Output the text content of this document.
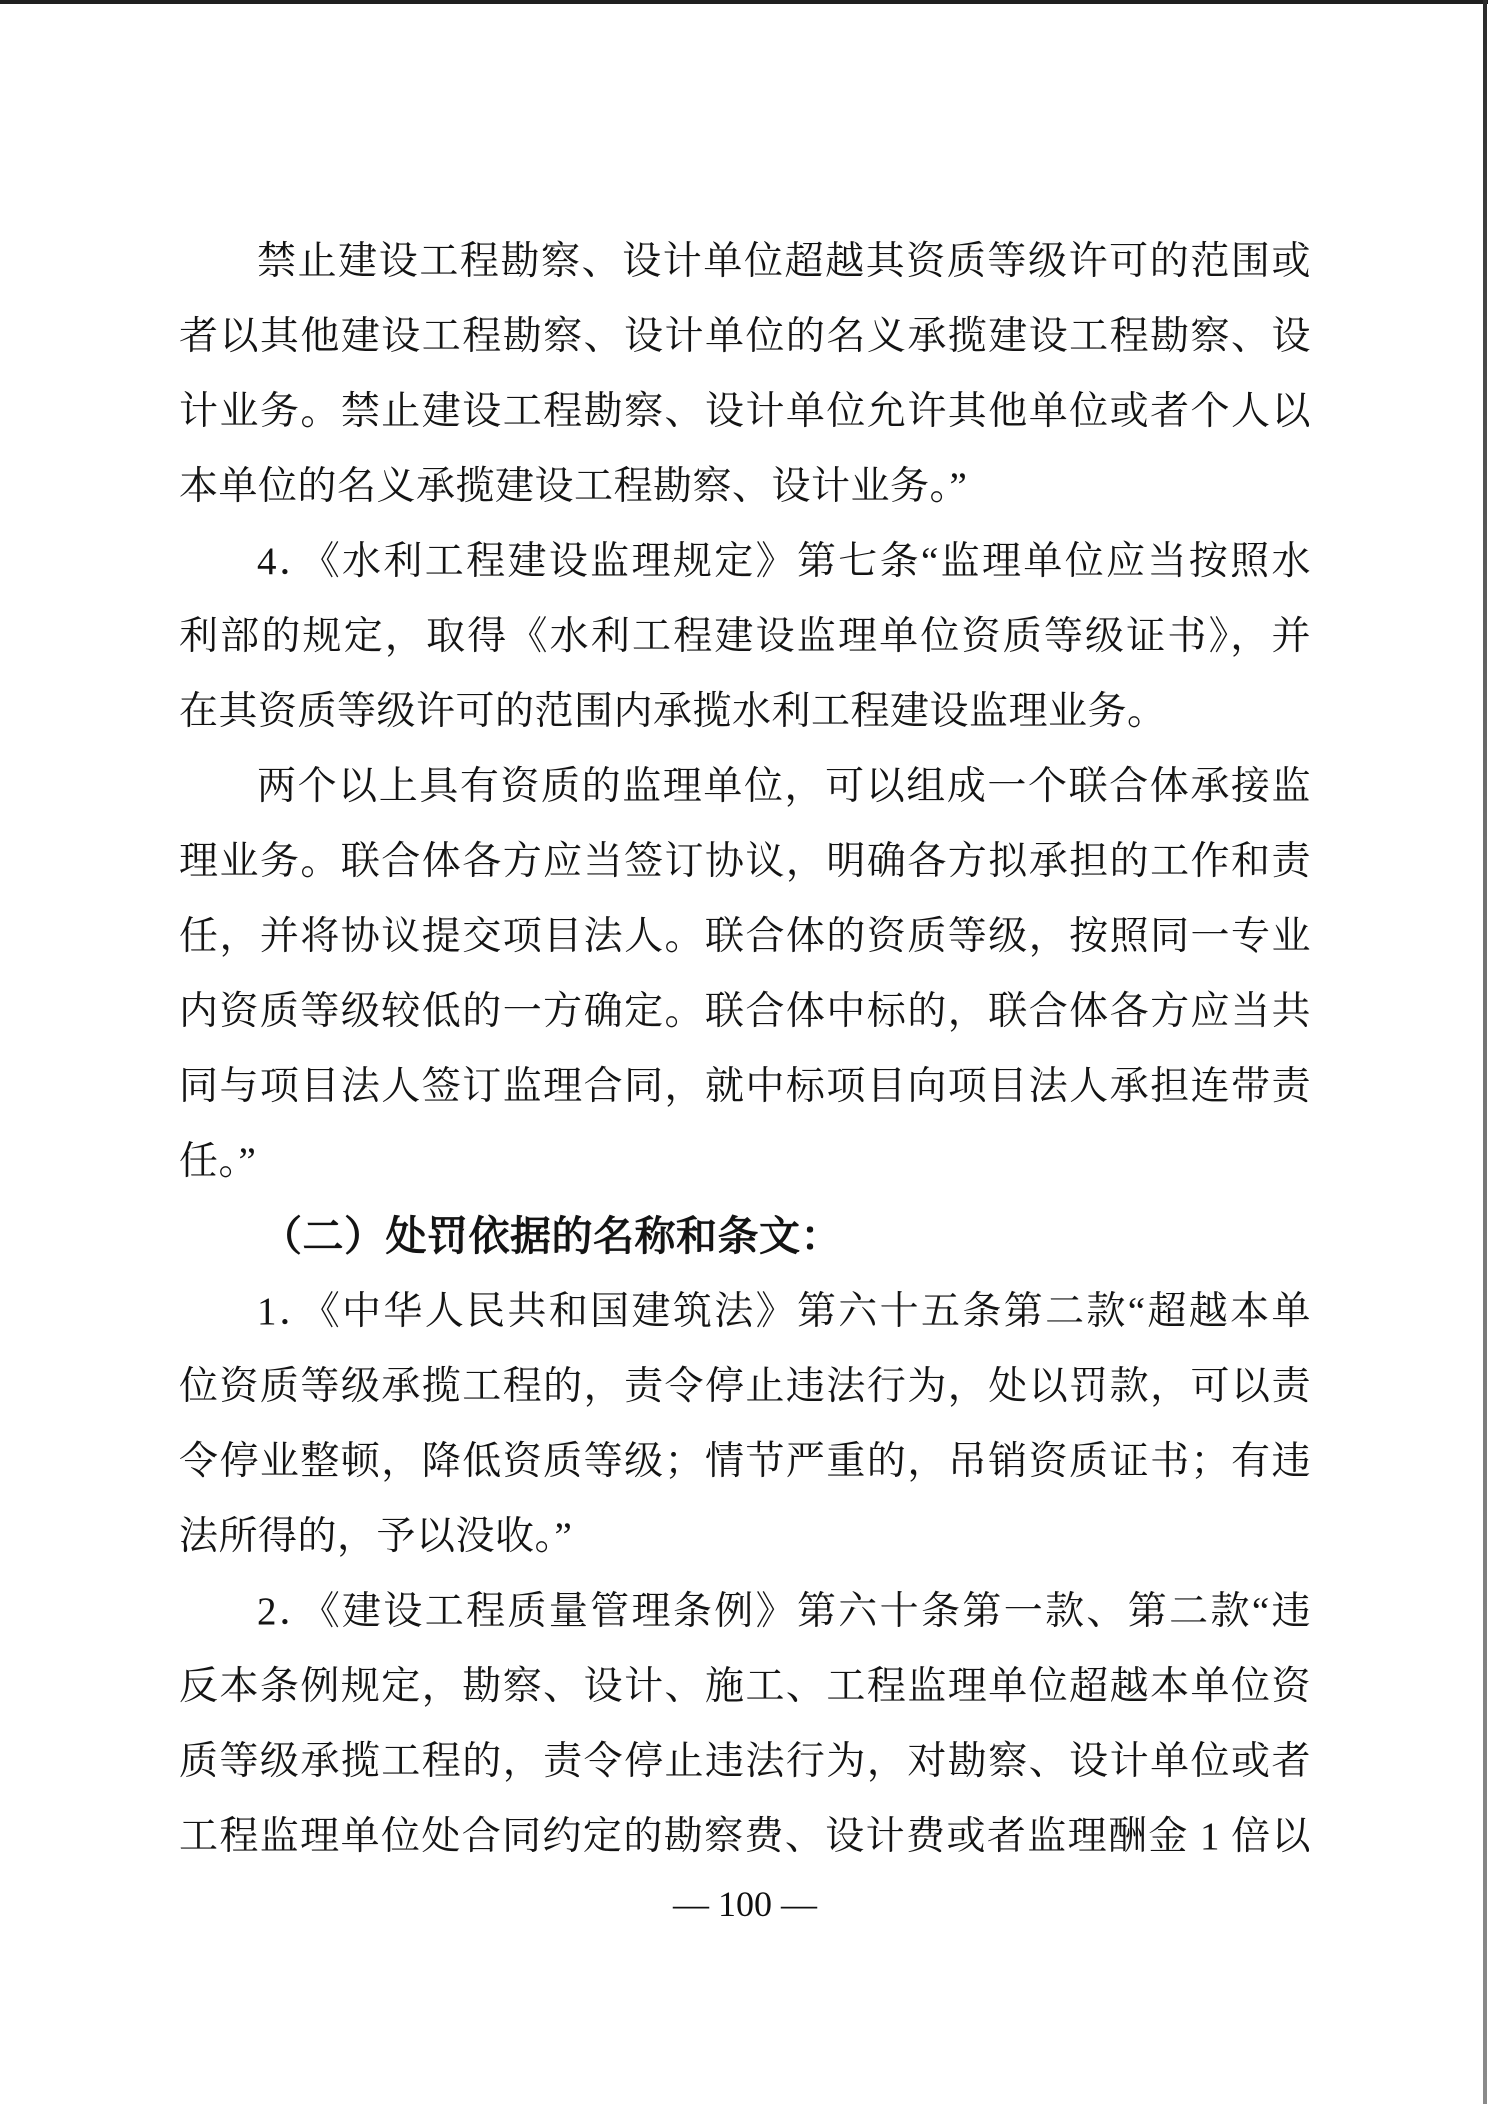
禁止建设工程勘察、设计单位超越其资质等级许可的范围或
者以其他建设工程勘察、设计单位的名义承揽建设工程勘察、设
计业务。禁止建设工程勘察、设计单位允许其他单位或者个人以
本单位的名义承揽建设工程勘察、设计业务。”
4．《水利工程建设监理规定》第七条“监理单位应当按照水
利部的规定，取得《水利工程建设监理单位资质等级证书》，并
在其资质等级许可的范围内承揽水利工程建设监理业务。
两个以上具有资质的监理单位，可以组成一个联合体承接监
理业务。联合体各方应当签订协议，明确各方拟承担的工作和责
任，并将协议提交项目法人。联合体的资质等级，按照同一专业
内资质等级较低的一方确定。联合体中标的，联合体各方应当共
同与项目法人签订监理合同，就中标项目向项目法人承担连带责
任。”
（二）处罚依据的名称和条文：
1．《中华人民共和国建筑法》第六十五条第二款“超越本单
位资质等级承揽工程的，责令停止违法行为，处以罚款，可以责
令停业整顿，降低资质等级；情节严重的，吊销资质证书；有违
法所得的，予以没收。”
2．《建设工程质量管理条例》第六十条第一款、第二款“违
反本条例规定，勘察、设计、施工、工程监理单位超越本单位资
质等级承揽工程的，责令停止违法行为，对勘察、设计单位或者
工程监理单位处合同约定的勘察费、设计费或者监理酬金 1 倍以
— 100 —
